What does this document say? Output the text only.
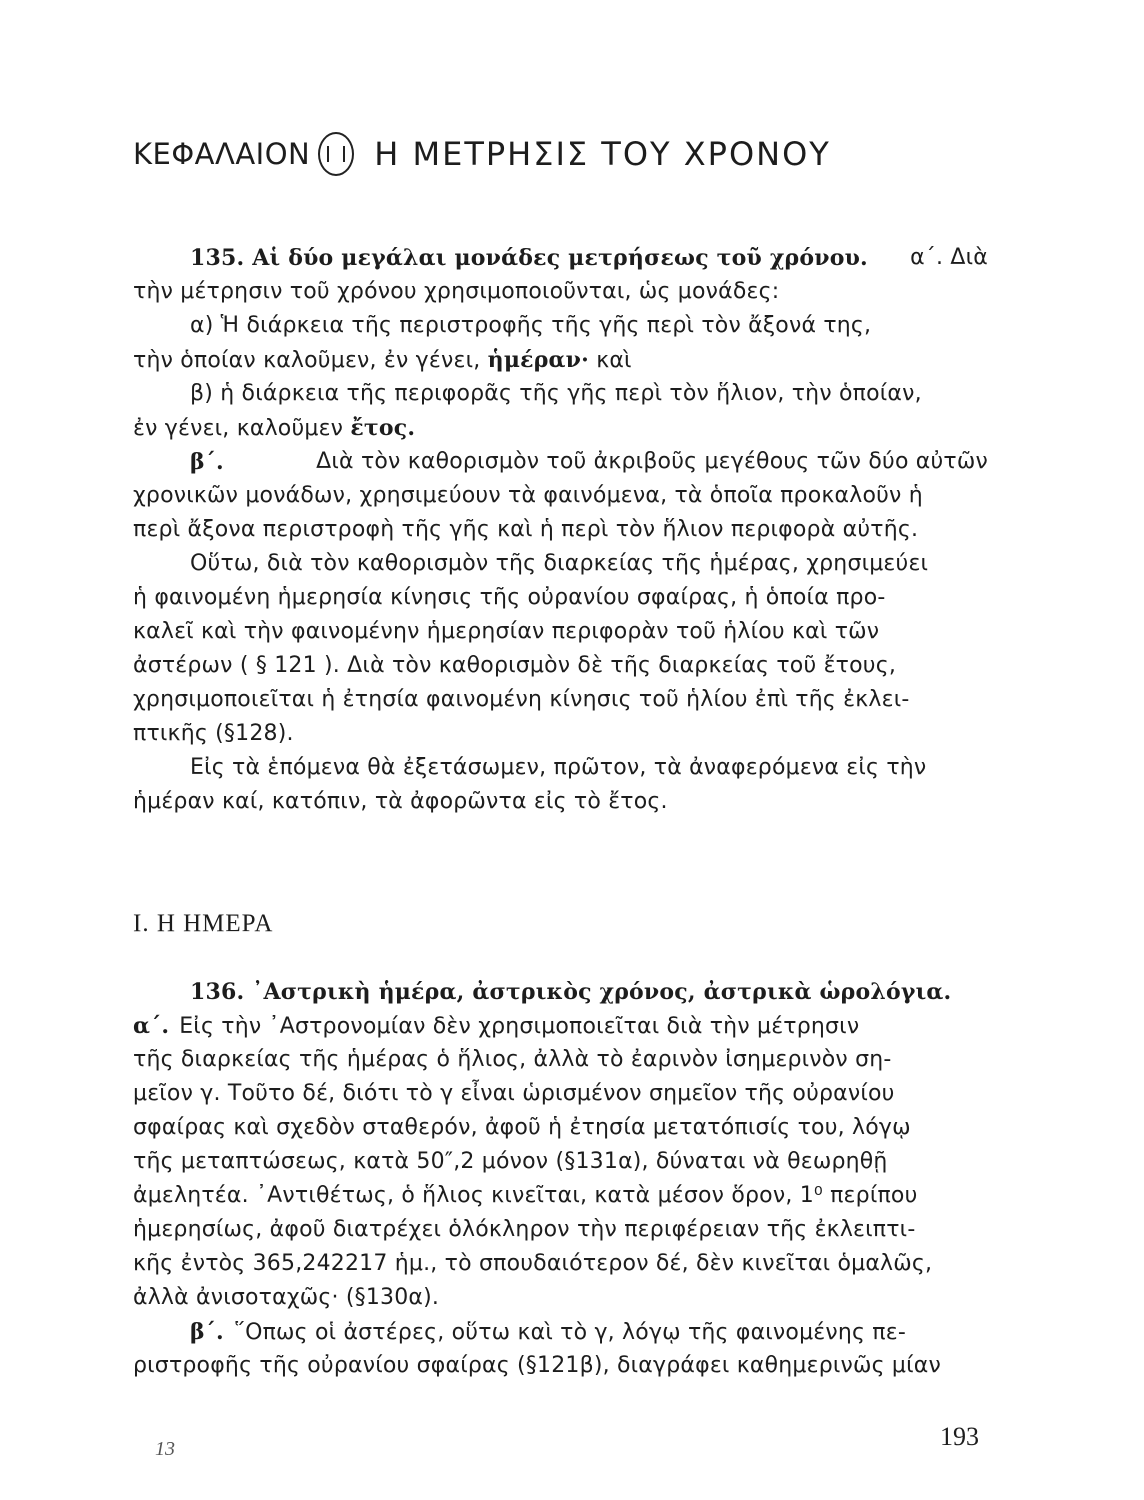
ΚΕΦΑΛΑΙΟΝ Η ΜΕΤΡΗΣΙΣ ΤΟΥ ΧΡΟΝΟΥ
135. Αἱ δύο μεγάλαι μονάδες μετρήσεως τοῦ χρόνου. α΄. Διὰ
τὴν μέτρησιν τοῦ χρόνου χρησιμοποιοῦνται, ὡς μονάδες:
α) Ἡ διάρκεια τῆς περιστροφῆς τῆς γῆς περὶ τὸν ἄξονά της,
τὴν ὁποίαν καλοῦμεν, ἐν γένει, ἡμέραν· καὶ
β) ἡ διάρκεια τῆς περιφορᾶς τῆς γῆς περὶ τὸν ἥλιον, τὴν ὁποίαν,
ἐν γένει, καλοῦμεν ἔτος.
β΄.	Διὰ τὸν καθορισμὸν τοῦ ἀκριβοῦς μεγέθους τῶν δύο αὐτῶν
χρονικῶν μονάδων, χρησιμεύουν τὰ φαινόμενα, τὰ ὁποῖα προκαλοῦν ἡ
περὶ ἄξονα περιστροφὴ τῆς γῆς καὶ ἡ περὶ τὸν ἥλιον περιφορὰ αὐτῆς.
Οὕτω, διὰ τὸν καθορισμὸν τῆς διαρκείας τῆς ἡμέρας, χρησιμεύει
ἡ φαινομένη ἡμερησία κίνησις τῆς οὐρανίου σφαίρας, ἡ ὁποία προ-
καλεῖ καὶ τὴν φαινομένην ἡμερησίαν περιφορὰν τοῦ ἡλίου καὶ τῶν
ἀστέρων ( § 121 ). Διὰ τὸν καθορισμὸν δὲ τῆς διαρκείας τοῦ ἔτους,
χρησιμοποιεῖται ἡ ἐτησία φαινομένη κίνησις τοῦ ἡλίου ἐπὶ τῆς ἐκλει-
πτικῆς (§128).
Εἰς τὰ ἑπόμενα θὰ ἐξετάσωμεν, πρῶτον, τὰ ἀναφερόμενα εἰς τὴν
ἡμέραν καί, κατόπιν, τὰ ἀφορῶντα εἰς τὸ ἔτος.
Ι. Η ΗΜΕΡΑ
136. ᾿Αστρικὴ ἡμέρα, ἀστρικὸς χρόνος, ἀστρικὰ ὡρολόγια.
α΄. Εἰς τὴν ᾿Αστρονομίαν δὲν χρησιμοποιεῖται διὰ τὴν μέτρησιν
τῆς διαρκείας τῆς ἡμέρας ὁ ἥλιος, ἀλλὰ τὸ ἐαρινὸν ἰσημερινὸν ση-
μεῖον γ. Τοῦτο δέ, διότι τὸ γ εἶναι ὡρισμένον σημεῖον τῆς οὐρανίου
σφαίρας καὶ σχεδὸν σταθερόν, ἀφοῦ ἡ ἐτησία μετατόπισίς του, λόγῳ
τῆς μεταπτώσεως, κατὰ 50″,2 μόνον (§131α), δύναται νὰ θεωρηθῇ
ἀμελητέα. ᾿Αντιθέτως, ὁ ἥλιος κινεῖται, κατὰ μέσον ὅρον, 1⁰ περίπου
ἡμερησίως, ἀφοῦ διατρέχει ὁλόκληρον τὴν περιφέρειαν τῆς ἐκλειπτι-
κῆς ἐντὸς 365,242217 ἡμ., τὸ σπουδαιότερον δέ, δὲν κινεῖται ὁμαλῶς,
ἀλλὰ ἀνισοταχῶς· (§130α).
β΄. ῞Οπως οἱ ἀστέρες, οὕτω καὶ τὸ γ, λόγῳ τῆς φαινομένης πε-
ριστροφῆς τῆς οὐρανίου σφαίρας (§121β), διαγράφει καθημερινῶς μίαν
13	193
